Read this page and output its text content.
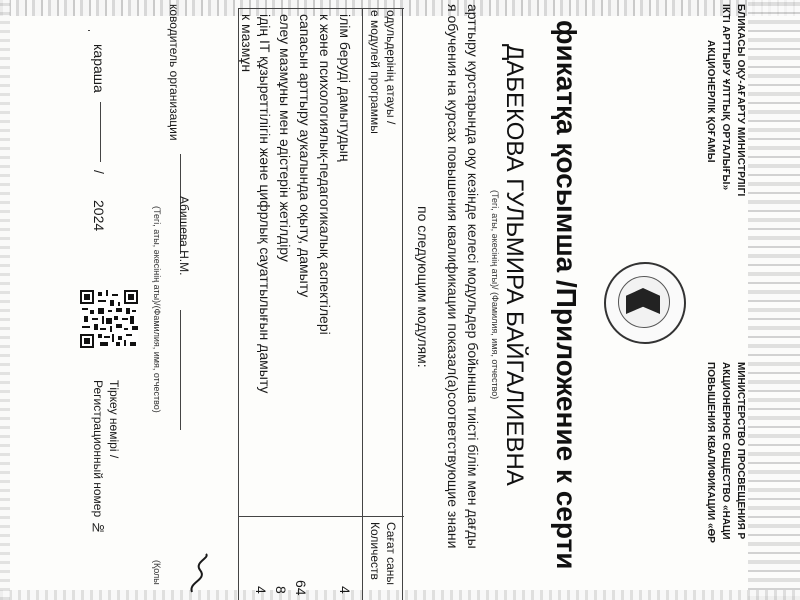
БЛИКАСЫ ОҚУ-АҒАРТУ МИНИСТРЛІГІ
ІКТІ АРТТЫРУ ҰЛТТЫҚ ОРТАЛЫҒЫ»
АКЦИОНЕРЛІК ҚОҒАМЫ
МИНИСТЕРСТВО ПРОСВЕЩЕНИЯ Р
АКЦИОНЕРНОЕ ОБЩЕСТВО «НАЦИ
ПОВЫШЕНИЯ КВАЛИФИКАЦИИ «ӨР
фикатқа қосымша /Приложение к серти
ДАБЕКОВА ГУЛЬМИРА БАЙГАЛИЕВНА
(Тегі, аты, әкесінің аты)/ (Фамилия, имя, отчество)
арттыру курстарында оқу кезінде келесі модульдер бойынша тиісті білім мен дағды
я обучения на курсах повышения квалификации показал(а)соответствующие знани
по следующим модулям:
одульдерінің атауы /
е модулей программы
Сағат саны
Количеств
ілім беруді дамытудың
4
к және психологиялық-педагогикалық аспектілері
сапасын арттыру аукалында оқыту, дамыту
64
елеу мазмұны мен әдістерін жетілдіру
8
ідің IT құзыреттілігін және цифрлық сауаттылығын дамыту
4
к мазмұн
караша
/
2024
ководитель организации
Абишева Н.М.
(Тегі, аты, әкесінің аты)/(Фамилия, имя, отчество)
(Қолы
Тіркеу нөмірі /
Регистрационный номер №
